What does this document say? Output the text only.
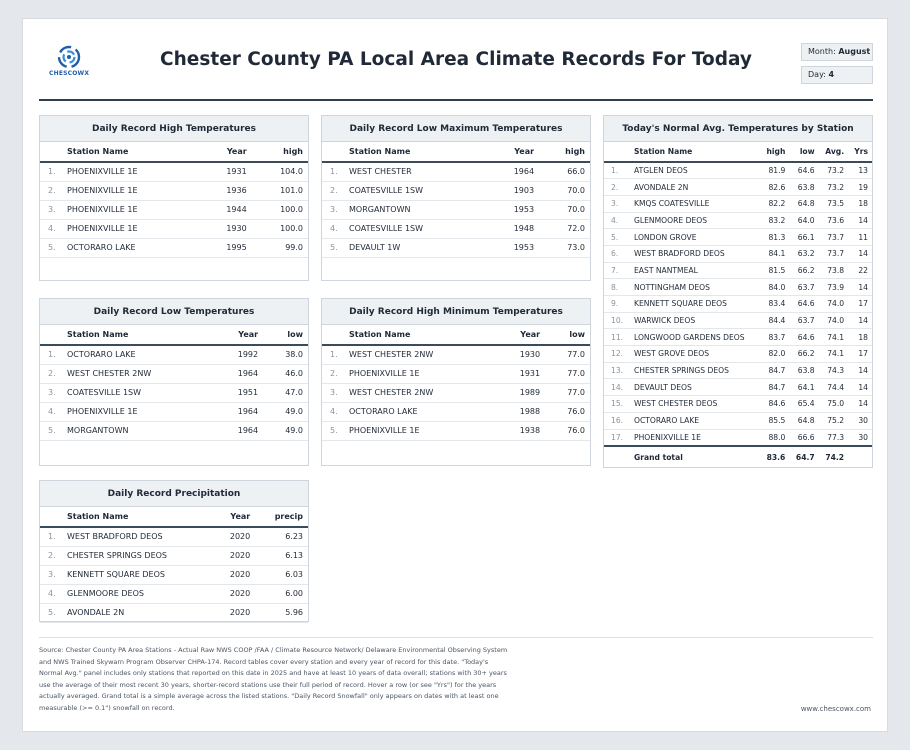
CHESCOWX
Chester County PA Local Area Climate Records For Today	Month: August
Day: 4
Daily Record High Temperatures
	Station Name	Year	high
1.	PHOENIXVILLE 1E	1931	104.0
2.	PHOENIXVILLE 1E	1936	101.0
3.	PHOENIXVILLE 1E	1944	100.0
4.	PHOENIXVILLE 1E	1930	100.0
5.	OCTORARO LAKE	1995	99.0
Daily Record Low Maximum Temperatures
	Station Name	Year	high
1.	WEST CHESTER	1964	66.0
2.	COATESVILLE 1SW	1903	70.0
3.	MORGANTOWN	1953	70.0
4.	COATESVILLE 1SW	1948	72.0
5.	DEVAULT 1W	1953	73.0
Daily Record Low Temperatures
	Station Name	Year	low
1.	OCTORARO LAKE	1992	38.0
2.	WEST CHESTER 2NW	1964	46.0
3.	COATESVILLE 1SW	1951	47.0
4.	PHOENIXVILLE 1E	1964	49.0
5.	MORGANTOWN	1964	49.0
Daily Record High Minimum Temperatures
	Station Name	Year	low
1.	WEST CHESTER 2NW	1930	77.0
2.	PHOENIXVILLE 1E	1931	77.0
3.	WEST CHESTER 2NW	1989	77.0
4.	OCTORARO LAKE	1988	76.0
5.	PHOENIXVILLE 1E	1938	76.0
Daily Record Precipitation
	Station Name	Year	precip
1.	WEST BRADFORD DEOS	2020	6.23
2.	CHESTER SPRINGS DEOS	2020	6.13
3.	KENNETT SQUARE DEOS	2020	6.03
4.	GLENMOORE DEOS	2020	6.00
5.	AVONDALE 2N	2020	5.96
Today's Normal Avg. Temperatures by Station
	Station Name	high	low	Avg.	Yrs
1.	ATGLEN DEOS	81.9	64.6	73.2	13
2.	AVONDALE 2N	82.6	63.8	73.2	19
3.	KMQS COATESVILLE	82.2	64.8	73.5	18
4.	GLENMOORE DEOS	83.2	64.0	73.6	14
5.	LONDON GROVE	81.3	66.1	73.7	11
6.	WEST BRADFORD DEOS	84.1	63.2	73.7	14
7.	EAST NANTMEAL	81.5	66.2	73.8	22
8.	NOTTINGHAM DEOS	84.0	63.7	73.9	14
9.	KENNETT SQUARE DEOS	83.4	64.6	74.0	17
10.	WARWICK DEOS	84.4	63.7	74.0	14
11.	LONGWOOD GARDENS DEOS	83.7	64.6	74.1	18
12.	WEST GROVE DEOS	82.0	66.2	74.1	17
13.	CHESTER SPRINGS DEOS	84.7	63.8	74.3	14
14.	DEVAULT DEOS	84.7	64.1	74.4	14
15.	WEST CHESTER DEOS	84.6	65.4	75.0	14
16.	OCTORARO LAKE	85.5	64.8	75.2	30
17.	PHOENIXVILLE 1E	88.0	66.6	77.3	30
	Grand total	83.6	64.7	74.2	
Source: Chester County PA Area Stations - Actual Raw NWS COOP /FAA / Climate Resource Network/ Delaware Environmental Observing System and NWS Trained Skywarn Program Observer CHPA-174. Record tables cover every station and every year of record for this date. "Today's Normal Avg." panel includes only stations that reported on this date in 2025 and have at least 10 years of data overall; stations with 30+ years use the average of their most recent 30 years, shorter-record stations use their full period of record. Hover a row (or see "Yrs") for the years actually averaged. Grand total is a simple average across the listed stations. "Daily Record Snowfall" only appears on dates with at least one measurable (>= 0.1") snowfall on record.	www.chescowx.com
